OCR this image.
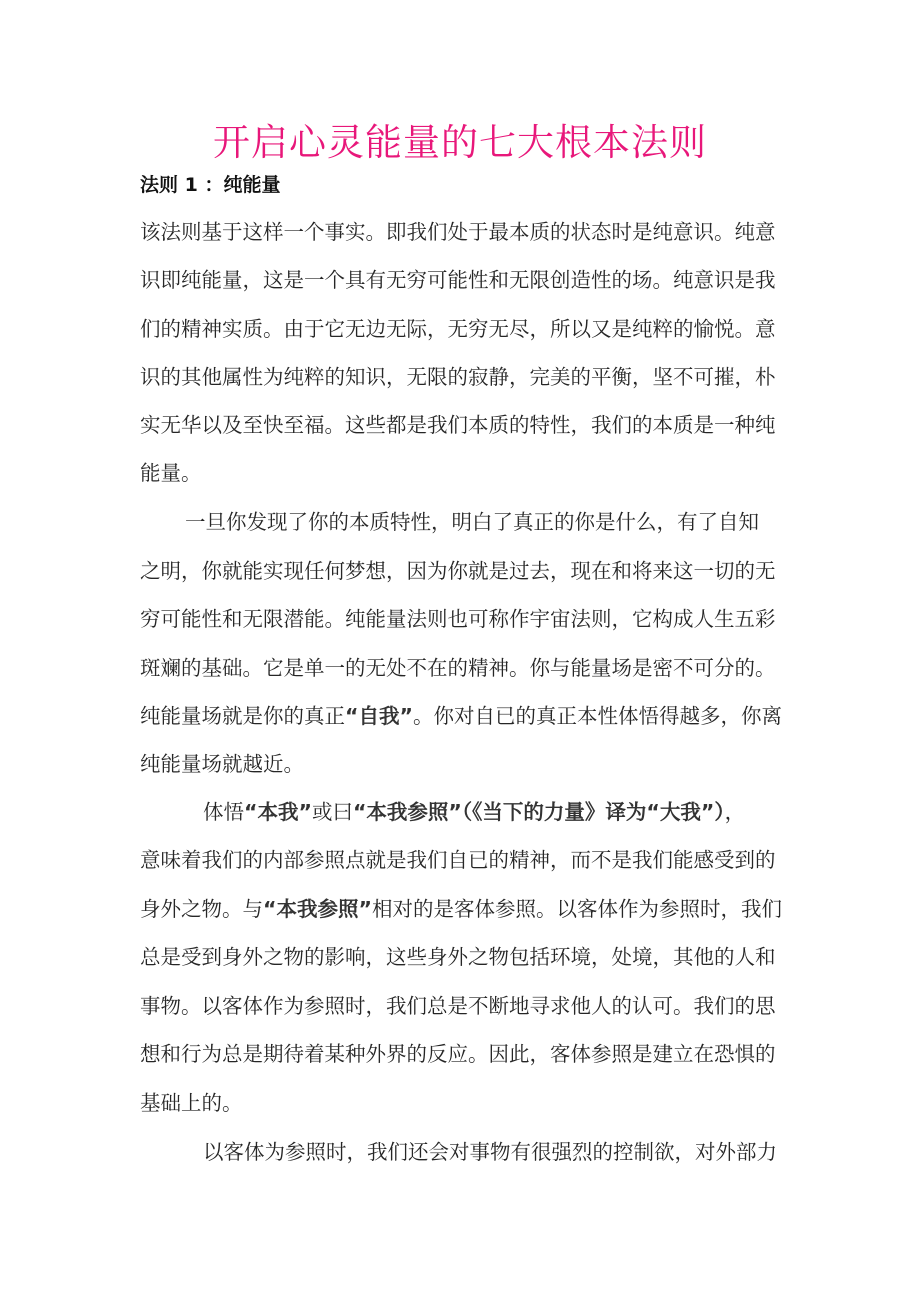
开启心灵能量的七大根本法则
法则 1 ：纯能量

该法则基于这样一个事实。即我们处于最本质的状态时是纯意识。纯意

识即纯能量，这是一个具有无穷可能性和无限创造性的场。纯意识是我

们的精神实质。由于它无边无际，无穷无尽，所以又是纯粹的愉悦。意

识的其他属性为纯粹的知识，无限的寂静，完美的平衡，坚不可摧，朴

实无华以及至快至福。这些都是我们本质的特性，我们的本质是一种纯

能量。

一旦你发现了你的本质特性，明白了真正的你是什么，有了自知

之明，你就能实现任何梦想，因为你就是过去，现在和将来这一切的无

穷可能性和无限潜能。纯能量法则也可称作宇宙法则，它构成人生五彩

斑斓的基础。它是单一的无处不在的精神。你与能量场是密不可分的。

纯能量场就是你的真正“自我”。你对自已的真正本性体悟得越多，你离

纯能量场就越近。

体悟“本我”或曰“本我参照”（《当下的力量》译为“大我”），

意味着我们的内部参照点就是我们自已的精神，而不是我们能感受到的

身外之物。与“本我参照”相对的是客体参照。以客体作为参照时，我们

总是受到身外之物的影响，这些身外之物包括环境，处境，其他的人和

事物。以客体作为参照时，我们总是不断地寻求他人的认可。我们的思

想和行为总是期待着某种外界的反应。因此，客体参照是建立在恐惧的

基础上的。

以客体为参照时，我们还会对事物有很强烈的控制欲，对外部力
